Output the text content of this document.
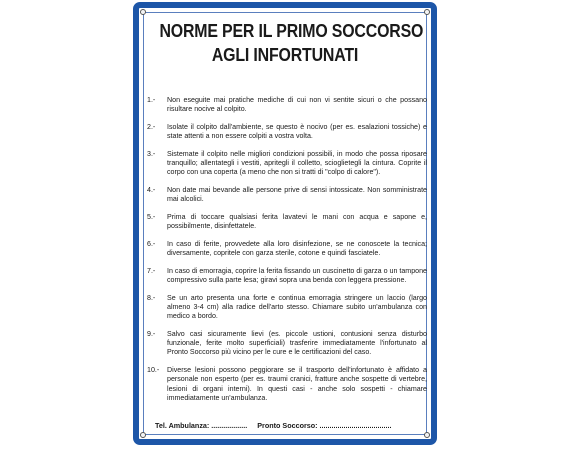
NORME PER IL PRIMO SOCCORSO
AGLI INFORTUNATI
1.- Non eseguite mai pratiche mediche di cui non vi sentite sicuri o che possano risultare nocive al colpito.
2.- Isolate il colpito dall'ambiente, se questo è nocivo (per es. esalazioni tossiche) e state attenti a non essere colpiti a vostra volta.
3.- Sistemate il colpito nelle migliori condizioni possibili, in modo che possa riposare tranquillo; allentategli i vestiti, apritegli il colletto, scioglietegli la cintura. Coprite il corpo con una coperta (a meno che non si tratti di "colpo di calore").
4.- Non date mai bevande alle persone prive di sensi intossicate. Non somministrate mai alcolici.
5.- Prima di toccare qualsiasi ferita lavatevi le mani con acqua e sapone e, possibilmente, disinfettatele.
6.- In caso di ferite, provvedete alla loro disinfezione, se ne conoscete la tecnica; diversamente, copritele con garza sterile, cotone e quindi fasciatele.
7.- In caso di emorragia, coprire la ferita fissando un cuscinetto di garza o un tampone compressivo sulla parte lesa; giravi sopra una benda con leggera pressione.
8.- Se un arto presenta una forte e continua emorragia stringere un laccio (largo almeno 3-4 cm) alla radice dell'arto stesso. Chiamare subito un'ambulanza con medico a bordo.
9.- Salvo casi sicuramente lievi (es. piccole ustioni, contusioni senza disturbo funzionale, ferite molto superficiali) trasferire immediatamente l'infortunato al Pronto Soccorso più vicino per le cure e le certificazioni del caso.
10.- Diverse lesioni possono peggiorare se il trasporto dell'infortunato è affidato a personale non esperto (per es. traumi cranici, fratture anche sospette di vertebre, lesioni di organi interni). In questi casi - anche solo sospetti - chiamare immediatamente un'ambulanza.
Tel. Ambulanza: .................. Pronto Soccorso: ....................................
